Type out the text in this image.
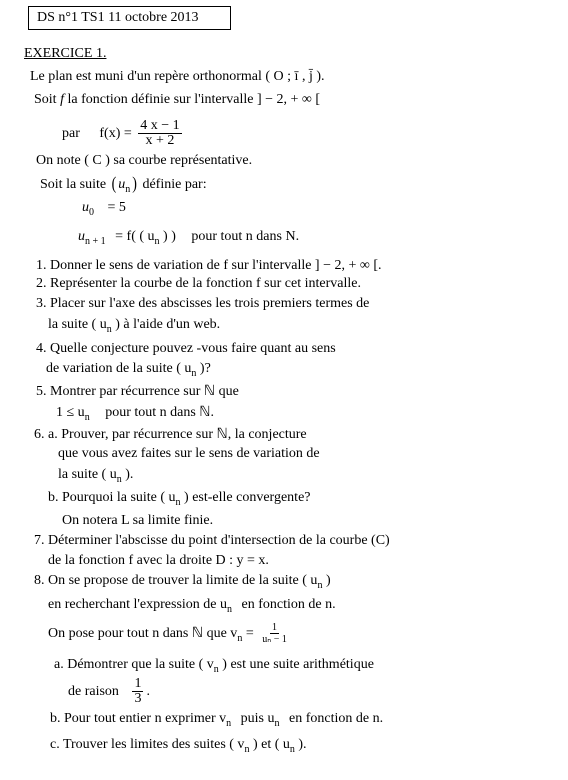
DS n°1 TS1 11 octobre 2013
EXERCICE 1.
Le plan est muni d'un repère orthonormal ( O ; ī , j̄ ).
Soit f la fonction définie sur l'intervalle ] − 2, + ∞ [
par $f(x) = \frac{4 x - 1}{x + 2}$
On note ( C ) sa courbe représentative.
Soit la suite ( $u_n$ ) définie par:
$u_0 = 5$
$u_{n + 1} = f$( ( $u_n$ ) ) pour tout n dans N.
1. Donner le sens de variation de f sur l'intervalle ] − 2, + ∞ [.
2. Représenter la courbe de la fonction f sur cet intervalle.
3. Placer sur l'axe des abscisses les trois premiers termes de
la suite ( $u_n$ ) à l'aide d'un web.
4. Quelle conjecture pouvez -vous faire quant au sens
de variation de la suite ( $u_n$ )?
5. Montrer par récurrence sur ℕ que
$1 \le u_n$ pour tout n dans ℕ.
6. a. Prouver, par récurrence sur ℕ, la conjecture
que vous avez faites sur le sens de variation de
la suite ( $u_n$ ).
b. Pourquoi la suite ( $u_n$ ) est-elle convergente?
On notera L sa limite finie.
7. Déterminer l'abscisse du point d'intersection de la courbe (C)
de la fonction f avec la droite D : y = x.
8. On se propose de trouver la limite de la suite ( $u_n$ )
en recherchant l'expression de $u_n$ en fonction de n.
On pose pour tout n dans ℕ que $v_n = \frac{1}{\text{uₙ − 1}}$
a. Démontrer que la suite ( $v_n$ ) est une suite arithmétique
de raison $\frac{1}{3}$ .
b. Pour tout entier n exprimer $v_n$ puis $u_n$ en fonction de n.
c. Trouver les limites des suites ( $v_n$ ) et ( $u_n$ ).
